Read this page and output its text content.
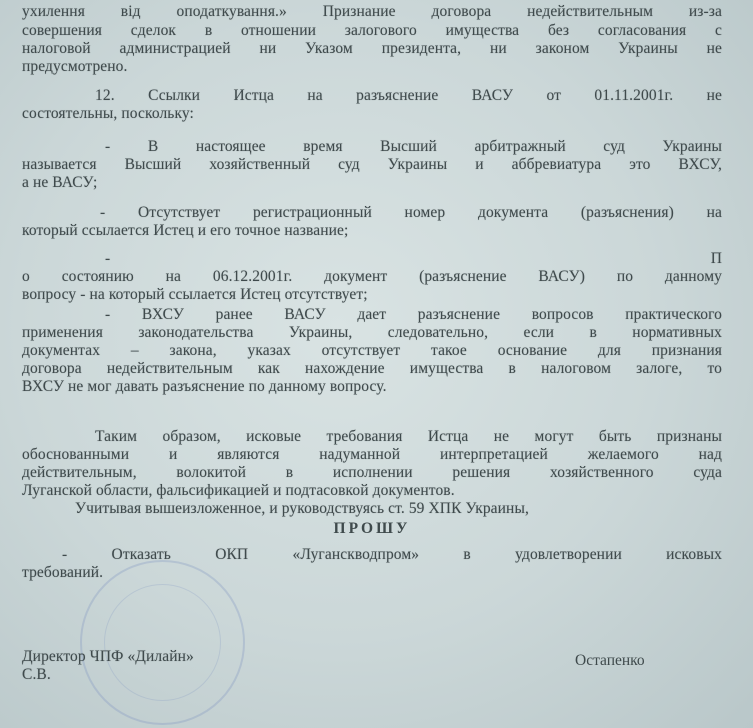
ухилення від оподаткування.» Признание договора недействительным из-за
совершения сделок в отношении залогового имущества без согласования с
налоговой администрацией ни Указом президента, ни законом Украины не
предусмотрено.
12. Ссылки Истца на разъяснение ВАСУ от 01.11.2001г. не
состоятельны, поскольку:
- В настоящее время Высший арбитражный суд Украины
называется Высший хозяйственный суд Украины и аббревиатура это ВХСУ,
а не ВАСУ;
- Отсутствует регистрационный номер документа (разъяснения) на
который ссылается Истец и его точное название;
- П
о состоянию на 06.12.2001г. документ (разъяснение ВАСУ) по данному
вопросу - на который ссылается Истец отсутствует;
- ВХСУ ранее ВАСУ дает разъяснение вопросов практического
применения законодательства Украины, следовательно, если в нормативных
документах – закона, указах отсутствует такое основание для признания
договора недействительным как нахождение имущества в налоговом залоге, то
ВХСУ не мог давать разъяснение по данному вопросу.
Таким образом, исковые требования Истца не могут быть признаны
обоснованными и являются надуманной интерпретацией желаемого над
действительным, волокитой в исполнении решения хозяйственного суда
Луганской области, фальсификацией и подтасовкой документов.
Учитывая вышеизложенное, и руководствуясь ст. 59 ХПК Украины,
ПРОШУ
- Отказать ОКП «Луганскводпром» в удовлетворении исковых
требований.
Директор ЧПФ «Дилайн»
С.В.
Остапенко
